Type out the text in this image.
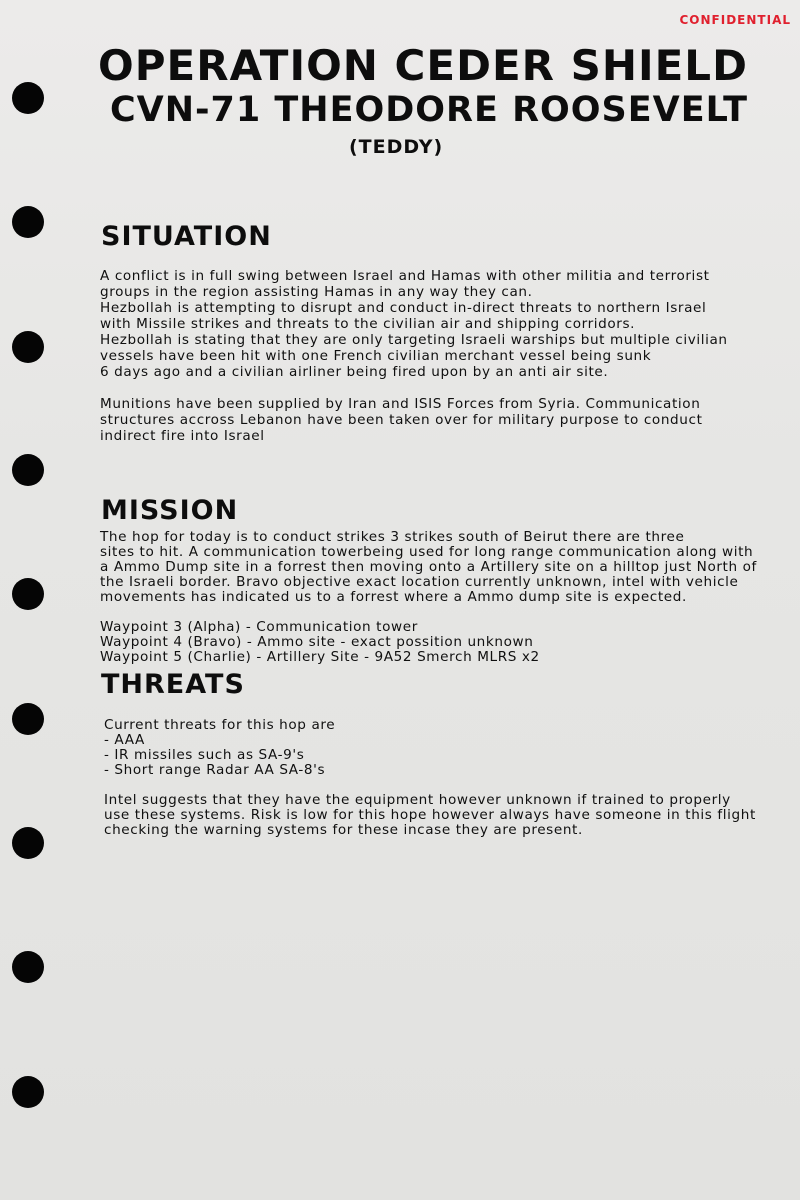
CONFIDENTIAL
OPERATION CEDER SHIELD
CVN-71 THEODORE ROOSEVELT
(TEDDY)
SITUATION
A conflict is in full swing between Israel and Hamas with other militia and terrorist
groups in the region assisting Hamas in any way they can.
Hezbollah is attempting to disrupt and conduct in-direct threats to northern Israel
with Missile strikes and threats to the civilian air and shipping corridors.
Hezbollah is stating that they are only targeting Israeli warships but multiple civilian
vessels have been hit with one French civilian merchant vessel being sunk
6 days ago and a civilian airliner being fired upon by an anti air site.
Munitions have been supplied by Iran and ISIS Forces from Syria. Communication
structures accross Lebanon have been taken over for military purpose to conduct
indirect fire into Israel
MISSION
The hop for today is to conduct strikes 3 strikes south of Beirut there are three
sites to hit. A communication towerbeing used for long range communication along with
a Ammo Dump site in a forrest then moving onto a Artillery site on a hilltop just North of
the Israeli border. Bravo objective exact location currently unknown, intel with vehicle
movements has indicated us to a forrest where a Ammo dump site is expected.
Waypoint 3 (Alpha) - Communication tower
Waypoint 4 (Bravo) - Ammo site - exact possition unknown
Waypoint 5 (Charlie) - Artillery Site - 9A52 Smerch MLRS x2
THREATS
Current threats for this hop are
- AAA
- IR missiles such as SA-9's
- Short range Radar AA SA-8's
Intel suggests that they have the equipment however unknown if trained to properly
use these systems. Risk is low for this hope however always have someone in this flight
checking the warning systems for these incase they are present.
